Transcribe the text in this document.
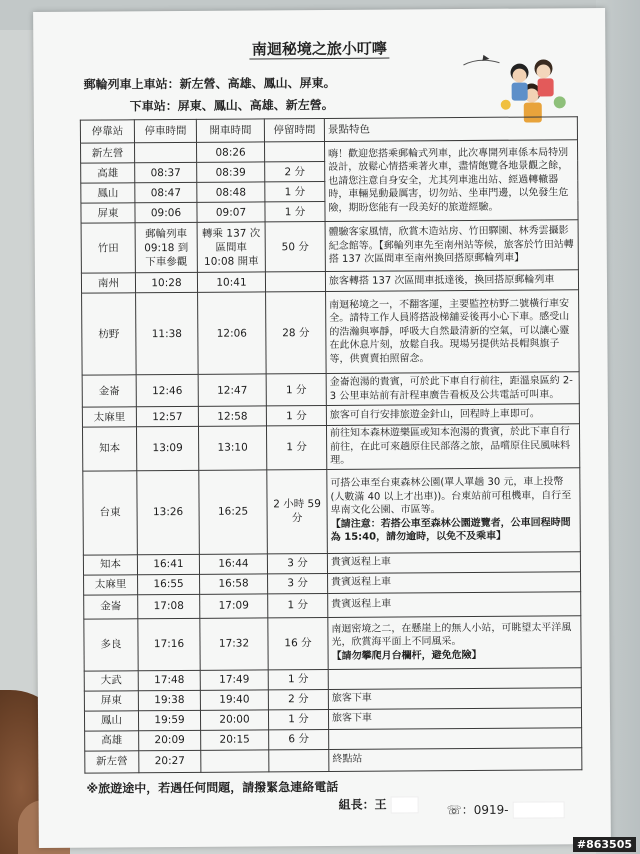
南迴秘境之旅小叮嚀
郵輪列車上車站：新左營、高雄、鳳山、屏東。
下車站：屏東、鳳山、高雄、新左營。
停靠站	停車時間	開車時間	停留時間	景點特色
新左營		08:26		嗨！歡迎您搭乘郵輪式列車，此次專開列車係本局特別設計，放鬆心情搭乘著火車，盡情飽覽各地景觀之餘，也請您注意自身安全，尤其列車進出站、經過轉轍器時，車輛晃動最厲害，切勿站、坐車門邊，以免發生危險，期盼您能有一段美好的旅遊經驗。
高雄	08:37	08:39	2 分	
鳳山	08:47	08:48	1 分	
屏東	09:06	09:07	1 分	
竹田	郵輪列車 09:18 到 下車參觀	轉乘 137 次 區間車 10:08 開車	50 分	體驗客家風情，欣賞木造站房、竹田驛園、林秀雲攝影紀念館等。【郵輪列車先至南州站等候，旅客於竹田站轉搭 137 次區間車至南州換回搭原郵輪列車】
南州	10:28	10:41		旅客轉搭 137 次區間車抵達後，換回搭原郵輪列車
枋野	11:38	12:06	28 分	南迴秘境之一，不翻客運，主要監控枋野二號橫行車安全。請特工作人員將搭設梯舖妥後再小心下車。感受山的浩瀚與寧靜，呼吸大自然最清新的空氣，可以讓心靈在此休息片刻，放鬆自我。現場另提供站長帽與旗子等，供賣賣拍照留念。
金崙	12:46	12:47	1 分	金崙泡湯的貴賓，可於此下車自行前往，距溫泉區約 2-3 公里車站前有計程車廣告看板及公共電話可叫車。
太麻里	12:57	12:58	1 分	旅客可自行安排旅遊金針山，回程時上車即可。
知本	13:09	13:10	1 分	前往知本森林遊樂區或知本泡湯的貴賓，於此下車自行前往，在此可來趟原住民部落之旅，品嚐原住民風味料理。
台東	13:26	16:25	2 小時 59 分	可搭公車至台東森林公園(單人單趟 30 元，車上投幣(人數滿 40 以上才出車))。台東站前可租機車，自行至卑南文化公園、市區等。
【請注意：若搭公車至森林公園遊覽者，公車回程時間為 15:40，請勿逾時，以免不及乘車】
知本	16:41	16:44	3 分	貴賓返程上車
太麻里	16:55	16:58	3 分	貴賓返程上車
金崙	17:08	17:09	1 分	貴賓返程上車
多良	17:16	17:32	16 分	南迴密境之二，在懸崖上的無人小站，可眺望太平洋風光，欣賞海平面上不同風采。
【請勿攀爬月台欄杆，避免危險】
大武	17:48	17:49	1 分	
屏東	19:38	19:40	2 分	旅客下車
鳳山	19:59	20:00	1 分	旅客下車
高雄	20:09	20:15	6 分	
新左營	20:27			終點站
※旅遊途中，若遇任何問題，請撥緊急連絡電話
組長：王	☏：0919-
#863505
